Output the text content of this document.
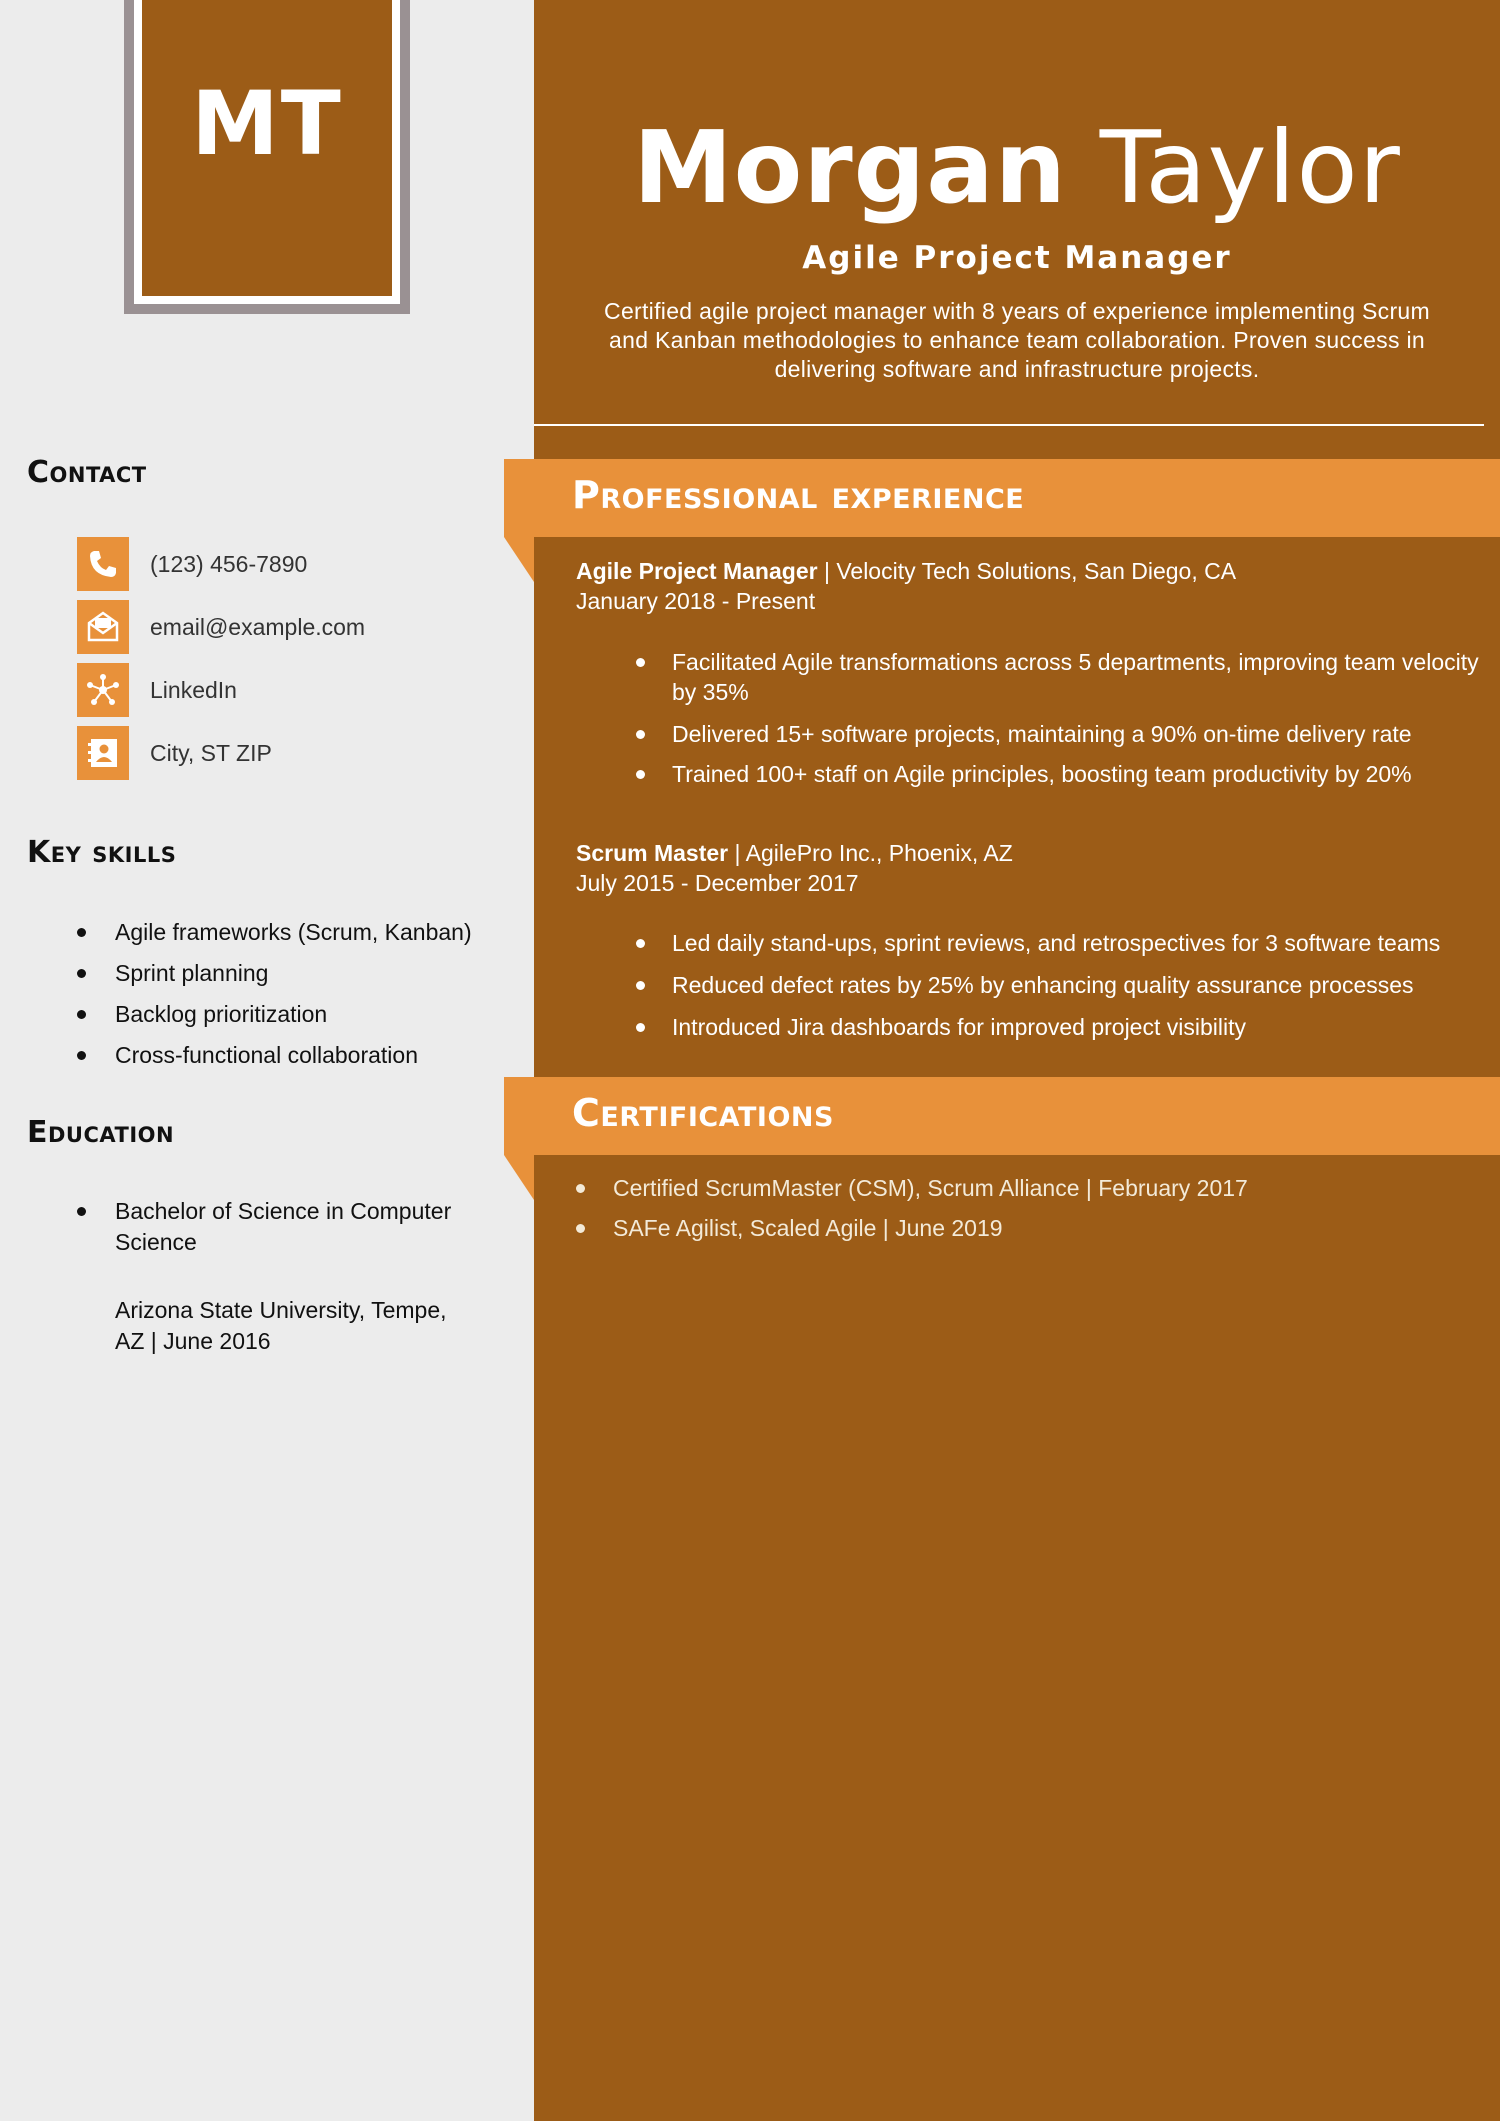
MT	Morgan Taylor
Agile Project Manager
Certified agile project manager with 8 years of experience implementing Scrum and Kanban methodologies to enhance team collaboration. Proven success in delivering software and infrastructure projects.
Contact
(123) 456-7890
email@example.com
LinkedIn
City, ST ZIP
Key skills
Agile frameworks (Scrum, Kanban)
Sprint planning
Backlog prioritization
Cross-functional collaboration
Education
Bachelor of Science in Computer Science
Arizona State University, Tempe, AZ | June 2016
Professional experience
Agile Project Manager | Velocity Tech Solutions, San Diego, CA
January 2018 - Present
Facilitated Agile transformations across 5 departments, improving team velocity by 35%
Delivered 15+ software projects, maintaining a 90% on-time delivery rate
Trained 100+ staff on Agile principles, boosting team productivity by 20%
Scrum Master | AgilePro Inc., Phoenix, AZ
July 2015 - December 2017
Led daily stand-ups, sprint reviews, and retrospectives for 3 software teams
Reduced defect rates by 25% by enhancing quality assurance processes
Introduced Jira dashboards for improved project visibility
Certifications
Certified ScrumMaster (CSM), Scrum Alliance | February 2017
SAFe Agilist, Scaled Agile | June 2019
